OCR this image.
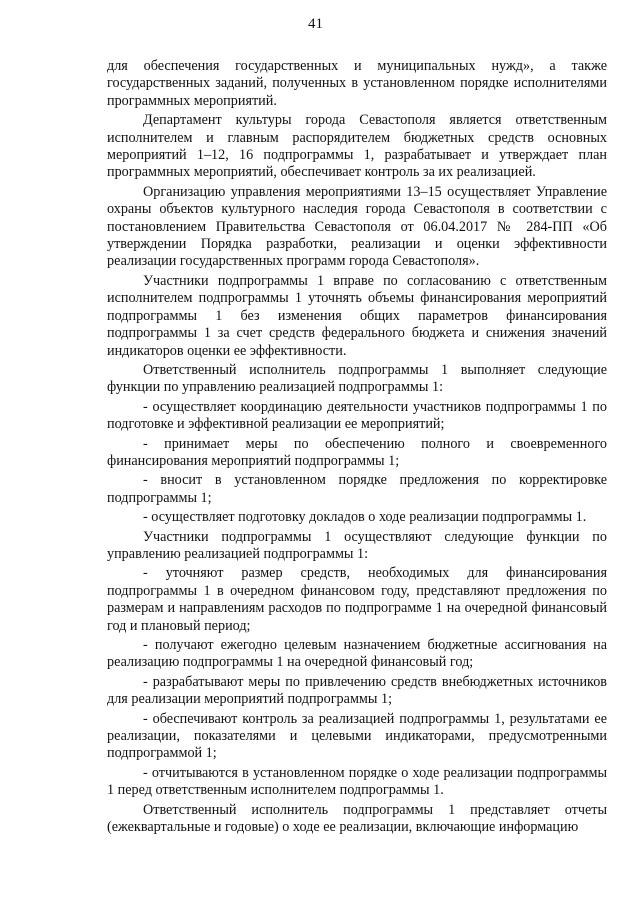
41

для обеспечения государственных и муниципальных нужд», а также государственных заданий, полученных в установленном порядке исполнителями программных мероприятий.

Департамент культуры города Севастополя является ответственным исполнителем и главным распорядителем бюджетных средств основных мероприятий 1–12, 16 подпрограммы 1, разрабатывает и утверждает план программных мероприятий, обеспечивает контроль за их реализацией.

Организацию управления мероприятиями 13–15 осуществляет Управление охраны объектов культурного наследия города Севастополя в соответствии с постановлением Правительства Севастополя от 06.04.2017 № 284-ПП «Об утверждении Порядка разработки, реализации и оценки эффективности реализации государственных программ города Севастополя».

Участники подпрограммы 1 вправе по согласованию с ответственным исполнителем подпрограммы 1 уточнять объемы финансирования мероприятий подпрограммы 1 без изменения общих параметров финансирования подпрограммы 1 за счет средств федерального бюджета и снижения значений индикаторов оценки ее эффективности.

Ответственный исполнитель подпрограммы 1 выполняет следующие функции по управлению реализацией подпрограммы 1:

- осуществляет координацию деятельности участников подпрограммы 1 по подготовке и эффективной реализации ее мероприятий;

- принимает меры по обеспечению полного и своевременного финансирования мероприятий подпрограммы 1;

- вносит в установленном порядке предложения по корректировке подпрограммы 1;

- осуществляет подготовку докладов о ходе реализации подпрограммы 1.

Участники подпрограммы 1 осуществляют следующие функции по управлению реализацией подпрограммы 1:

- уточняют размер средств, необходимых для финансирования подпрограммы 1 в очередном финансовом году, представляют предложения по размерам и направлениям расходов по подпрограмме 1 на очередной финансовый год и плановый период;

- получают ежегодно целевым назначением бюджетные ассигнования на реализацию подпрограммы 1 на очередной финансовый год;

- разрабатывают меры по привлечению средств внебюджетных источников для реализации мероприятий подпрограммы 1;

- обеспечивают контроль за реализацией подпрограммы 1, результатами ее реализации, показателями и целевыми индикаторами, предусмотренными подпрограммой 1;

- отчитываются в установленном порядке о ходе реализации подпрограммы 1 перед ответственным исполнителем подпрограммы 1.

Ответственный исполнитель подпрограммы 1 представляет отчеты (ежеквартальные и годовые) о ходе ее реализации, включающие информацию
